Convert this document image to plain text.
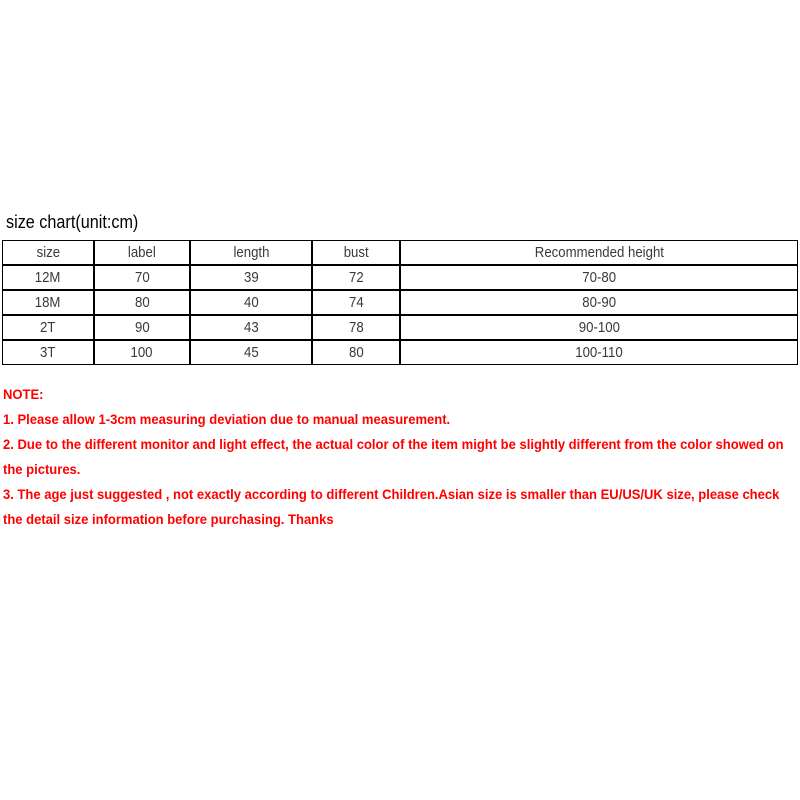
size chart(unit:cm)
size	label	length	bust	Recommended height
12M	70	39	72	70-80
18M	80	40	74	80-90
2T	90	43	78	90-100
3T	100	45	80	100-110

NOTE:

1. Please allow 1-3cm measuring deviation due to manual measurement.

2. Due to the different monitor and light effect, the actual color of the item might be slightly different from the color showed on the pictures.

3. The age just suggested , not exactly according to different Children.Asian size is smaller than EU/US/UK size, please check the detail size information before purchasing. Thanks
